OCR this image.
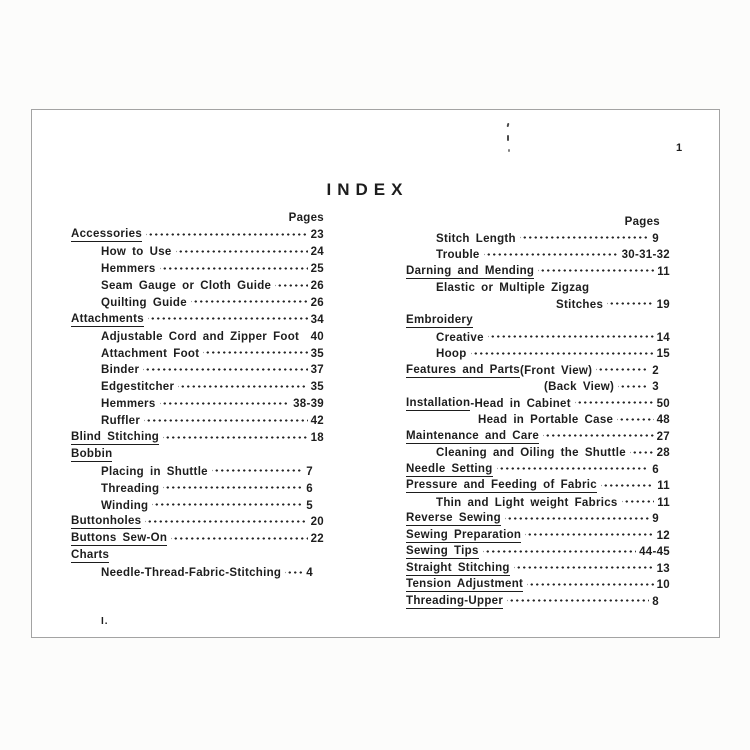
INDEX
1
I.
Pages
Accessories	23
How to Use	24
Hemmers	25
Seam Gauge or Cloth Guide	26
Quilting Guide	26
Attachments	34
Adjustable Cord and Zipper Foot 40
Attachment Foot	35
Binder	37
Edgestitcher	35
Hemmers	38-39
Ruffler	42
Blind Stitching	18
Bobbin
Placing in Shuttle	7
Threading	6
Winding	5
Buttonholes	20
Buttons Sew-On	22
Charts
Needle-Thread-Fabric-Stitching 4
Pages
Stitch Length	9
Trouble	30-31-32
Darning and Mending	11
Elastic or Multiple Zigzag
Stitches	19
Embroidery
Creative	14
Hoop	15
Features and Parts (Front View)	2
(Back View)	3
Installation -Head in Cabinet	50
Head in Portable Case	48
Maintenance and Care	27
Cleaning and Oiling the Shuttle	28
Needle Setting	6
Pressure and Feeding of Fabric	11
Thin and Light weight Fabrics	11
Reverse Sewing	9
Sewing Preparation	12
Sewing Tips	44-45
Straight Stitching	13
Tension Adjustment	10
Threading-Upper	8
